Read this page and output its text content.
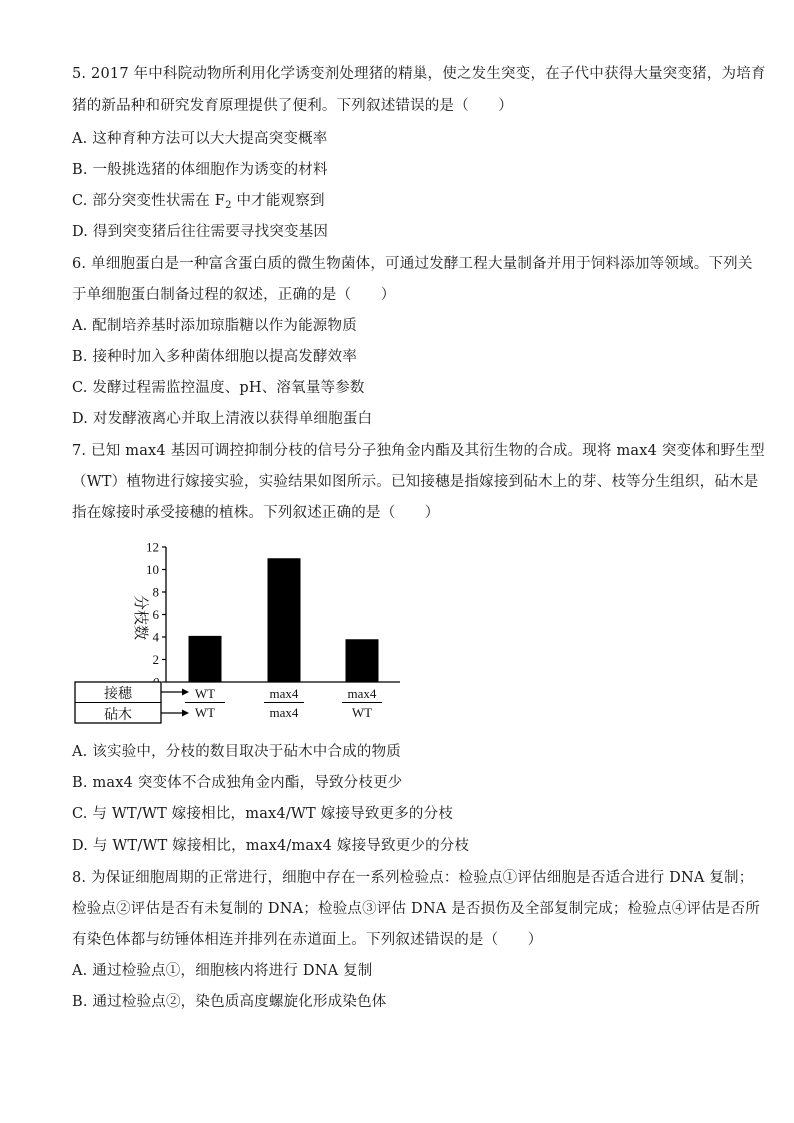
5. 2017 年中科院动物所利用化学诱变剂处理猪的精巢，使之发生突变，在子代中获得大量突变猪，为培育
猪的新品种和研究发育原理提供了便利。下列叙述错误的是（　　）
A. 这种育种方法可以大大提高突变概率
B. 一般挑选猪的体细胞作为诱变的材料
C. 部分突变性状需在 $F_2$ 中才能观察到
D. 得到突变猪后往往需要寻找突变基因
6. 单细胞蛋白是一种富含蛋白质的微生物菌体，可通过发酵工程大量制备并用于饲料添加等领域。下列关
于单细胞蛋白制备过程的叙述，正确的是（　　）
A. 配制培养基时添加琼脂糖以作为能源物质
B. 接种时加入多种菌体细胞以提高发酵效率
C. 发酵过程需监控温度、pH、溶氧量等参数
D. 对发酵液离心并取上清液以获得单细胞蛋白
7. 已知 max4 基因可调控抑制分枝的信号分子独角金内酯及其衍生物的合成。现将 max4 突变体和野生型
（WT）植物进行嫁接实验，实验结果如图所示。已知接穗是指嫁接到砧木上的芽、枝等分生组织，砧木是
指在嫁接时承受接穗的植株。下列叙述正确的是（　　）
2
4
6
8
10
12
分枝数
WT
WT
max4
max4
max4
WT
接穗
砧木
A. 该实验中，分枝的数目取决于砧木中合成的物质
B. max4 突变体不合成独角金内酯，导致分枝更少
C. 与 WT/WT 嫁接相比，max4/WT 嫁接导致更多的分枝
D. 与 WT/WT 嫁接相比，max4/max4 嫁接导致更少的分枝
8. 为保证细胞周期的正常进行，细胞中存在一系列检验点：检验点①评估细胞是否适合进行 DNA 复制；
检验点②评估是否有未复制的 DNA；检验点③评估 DNA 是否损伤及全部复制完成；检验点④评估是否所
有染色体都与纺锤体相连并排列在赤道面上。下列叙述错误的是（　　）
A. 通过检验点①，细胞核内将进行 DNA 复制
B. 通过检验点②，染色质高度螺旋化形成染色体
